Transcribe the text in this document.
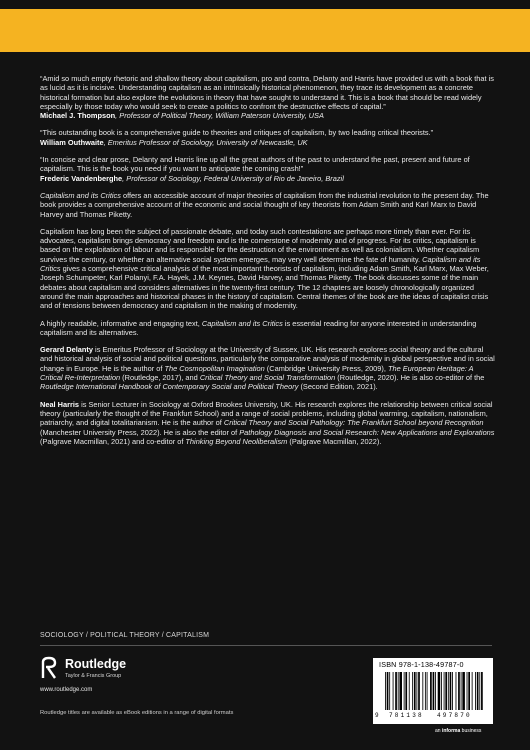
“Amid so much empty rhetoric and shallow theory about capitalism, pro and contra, Delanty and Harris have provided us with a book that is as lucid as it is incisive. Understanding capitalism as an intrinsically historical phenomenon, they trace its development as a concrete historical formation but also explore the evolutions in theory that have sought to understand it. This is a book that should be read widely especially by those today who would seek to create a politics to confront the destructive effects of capital.”
Michael J. Thompson, Professor of Political Theory, William Paterson University, USA
“This outstanding book is a comprehensive guide to theories and critiques of capitalism, by two leading critical theorists.”
William Outhwaite, Emeritus Professor of Sociology, University of Newcastle, UK
“In concise and clear prose, Delanty and Harris line up all the great authors of the past to understand the past, present and future of capitalism. This is the book you need if you want to anticipate the coming crash!”
Frederic Vandenberghe, Professor of Sociology, Federal University of Rio de Janeiro, Brazil

Capitalism and its Critics offers an accessible account of major theories of capitalism from the industrial revolution to the present day. The book provides a comprehensive account of the economic and social thought of key theorists from Adam Smith and Karl Marx to David Harvey and Thomas Piketty.

Capitalism has long been the subject of passionate debate, and today such contestations are perhaps more timely than ever. For its advocates, capitalism brings democracy and freedom and is the cornerstone of modernity and of progress. For its critics, capitalism is based on the exploitation of labour and is responsible for the destruction of the environment as well as colonialism. Whether capitalism survives the century, or whether an alternative social system emerges, may very well determine the fate of humanity. Capitalism and its Critics gives a comprehensive critical analysis of the most important theorists of capitalism, including Adam Smith, Karl Marx, Max Weber, Joseph Schumpeter, Karl Polanyi, F.A. Hayek, J.M. Keynes, David Harvey, and Thomas Piketty. The book discusses some of the main debates about capitalism and considers alternatives in the twenty-first century. The 12 chapters are loosely chronologically organized around the main approaches and historical phases in the history of capitalism. Central themes of the book are the ideas of capitalist crisis and of tensions between democracy and capitalism in the making of modernity.

A highly readable, informative and engaging text, Capitalism and its Critics is essential reading for anyone interested in understanding capitalism and its alternatives.

Gerard Delanty is Emeritus Professor of Sociology at the University of Sussex, UK. His research explores social theory and the cultural and historical analysis of social and political questions, particularly the comparative analysis of modernity in global perspective and in social change in Europe. He is the author of The Cosmopolitan Imagination (Cambridge University Press, 2009), The European Heritage: A Critical Re-Interpretation (Routledge, 2017), and Critical Theory and Social Transformation (Routledge, 2020). He is also co-editor of the Routledge International Handbook of Contemporary Social and Political Theory (Second Edition, 2021).

Neal Harris is Senior Lecturer in Sociology at Oxford Brookes University, UK. His research explores the relationship between critical social theory (particularly the thought of the Frankfurt School) and a range of social problems, including global warming, capitalism, nationalism, patriarchy, and digital totalitarianism. He is the author of Critical Theory and Social Pathology: The Frankfurt School beyond Recognition (Manchester University Press, 2022). He is also the editor of Pathology Diagnosis and Social Research: New Applications and Explorations (Palgrave Macmillan, 2021) and co-editor of Thinking Beyond Neoliberalism (Palgrave Macmillan, 2022).

SOCIOLOGY / POLITICAL THEORY / CAPITALISM
Routledge
Taylor & Francis Group
www.routledge.com
Routledge titles are available as eBook editions in a range of digital formats
ISBN 978-1-138-49787-0
9 781138 497870
an informa business
